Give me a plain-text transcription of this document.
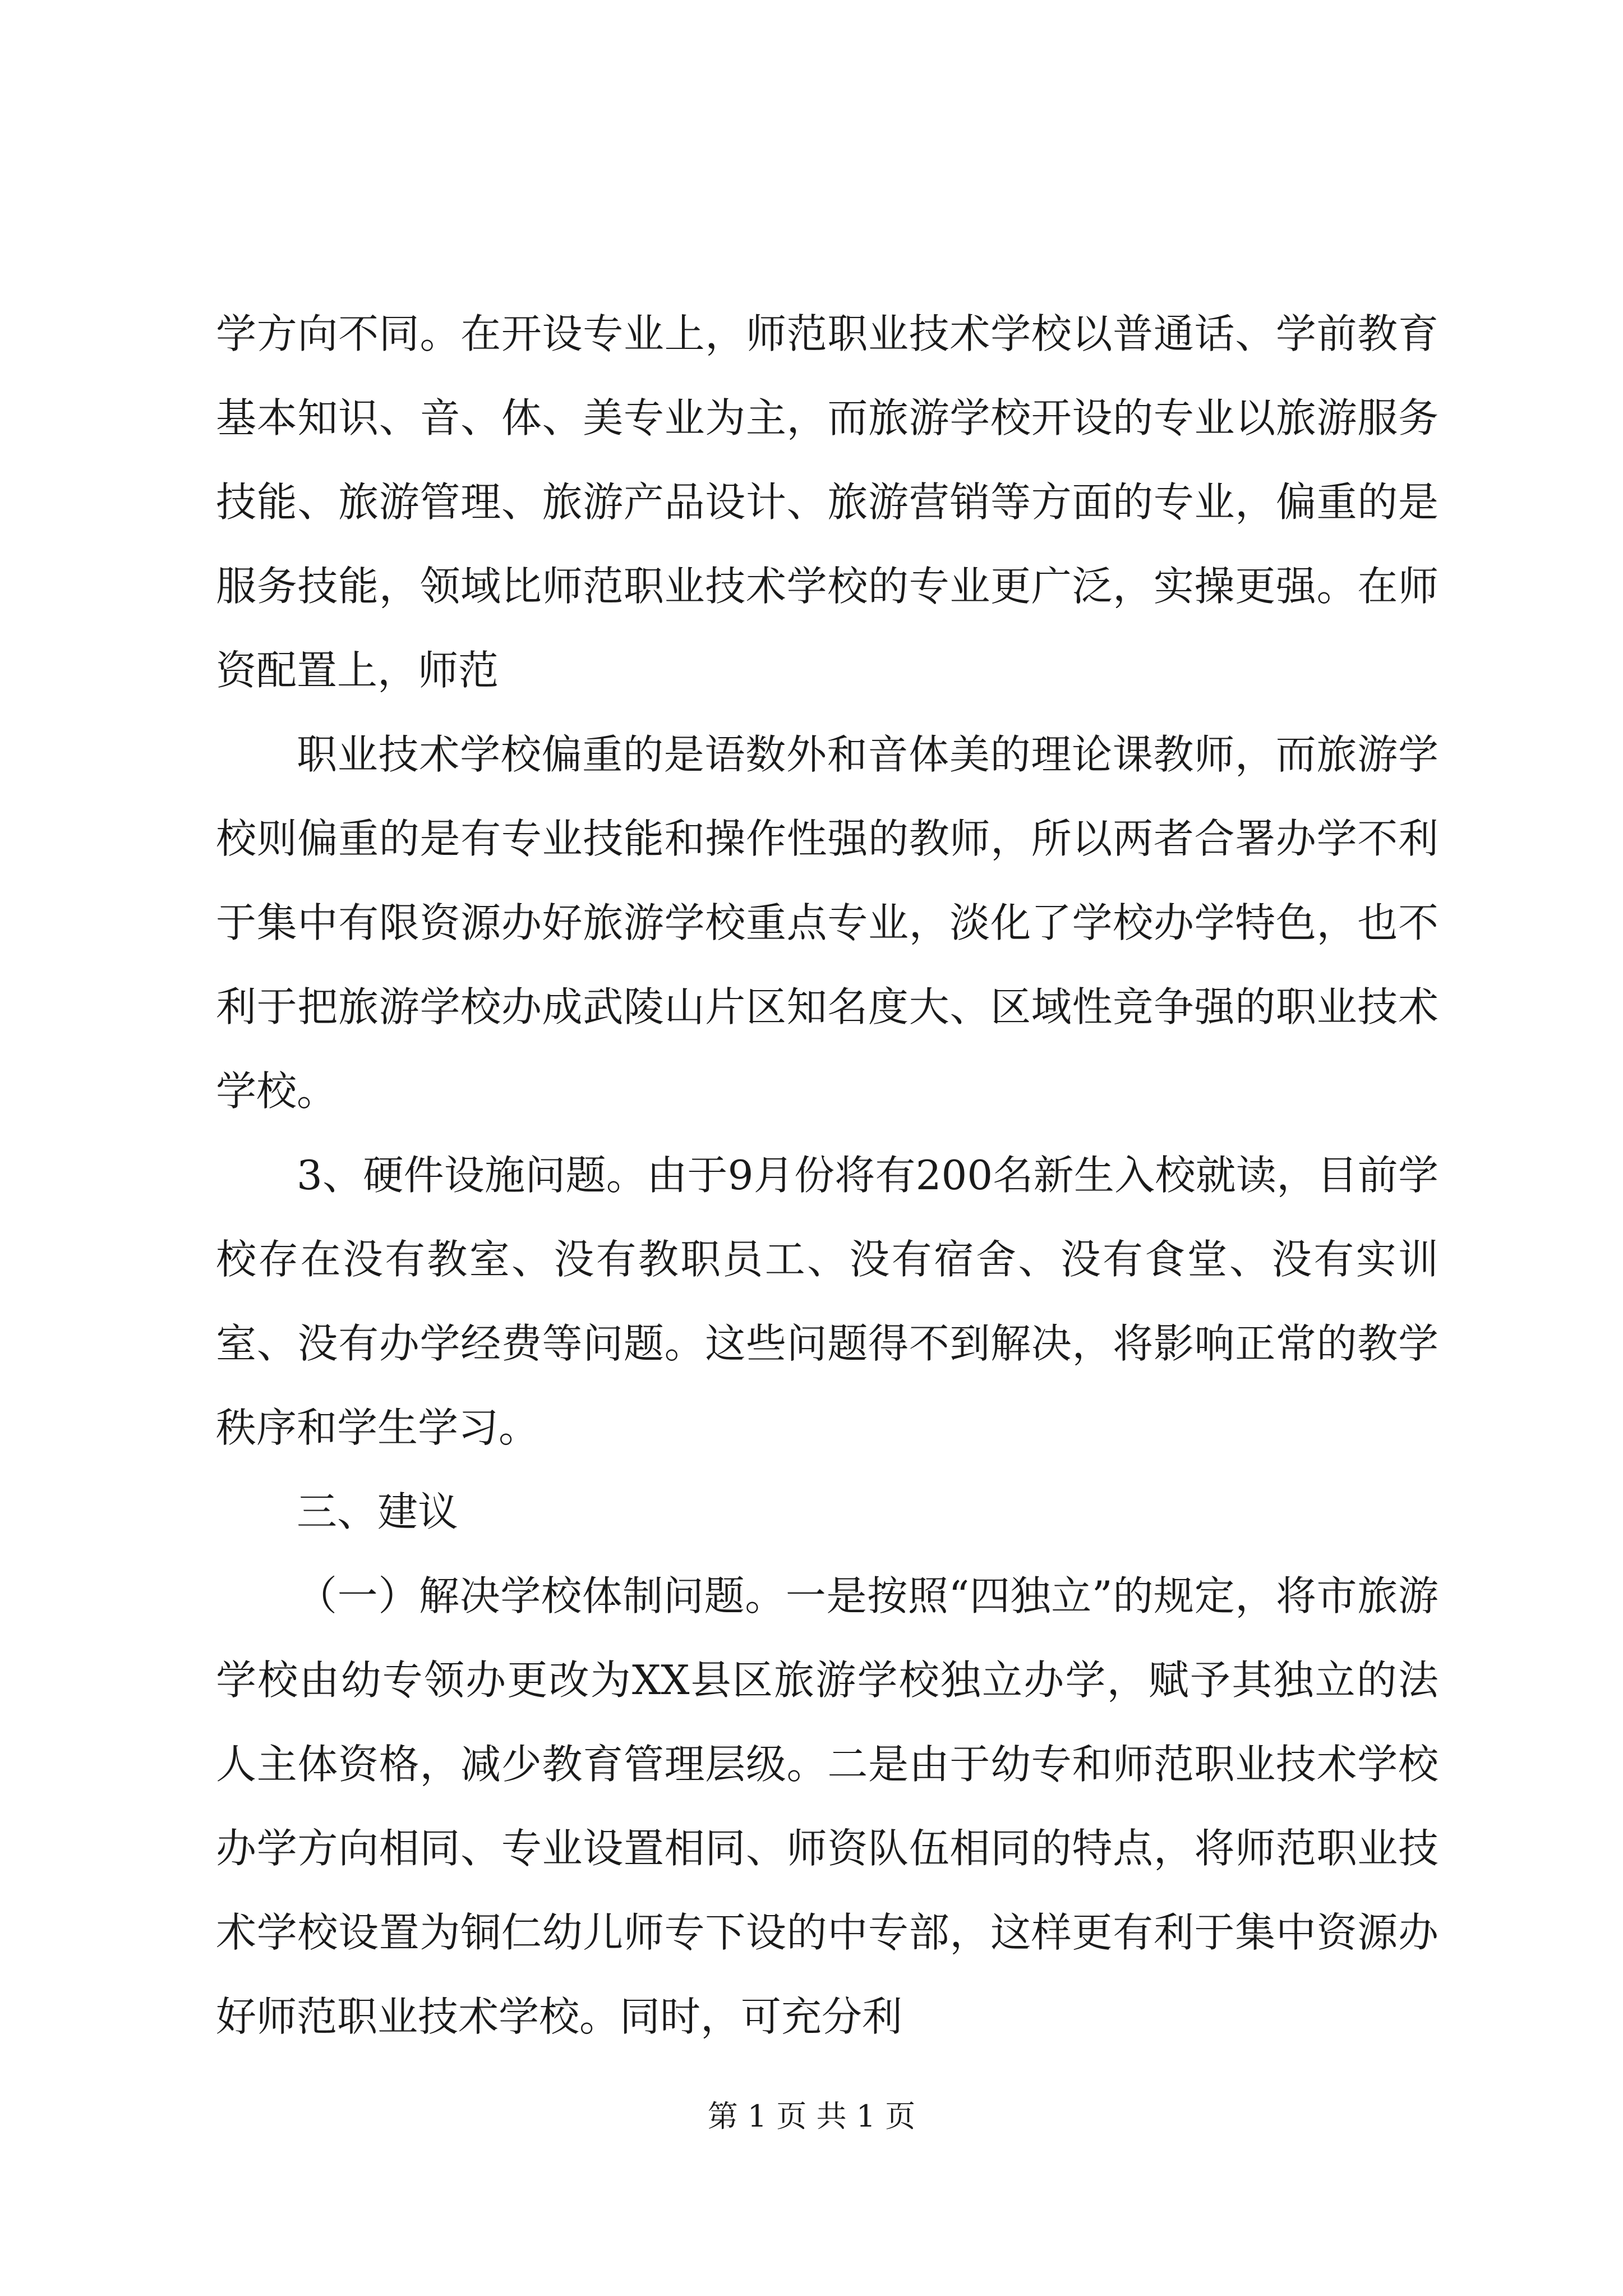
学方向不同。在开设专业上，师范职业技术学校以普通话、学前教育基本知识、音、体、美专业为主，而旅游学校开设的专业以旅游服务技能、旅游管理、旅游产品设计、旅游营销等方面的专业，偏重的是服务技能，领域比师范职业技术学校的专业更广泛，实操更强。在师资配置上，师范

职业技术学校偏重的是语数外和音体美的理论课教师，而旅游学校则偏重的是有专业技能和操作性强的教师，所以两者合署办学不利于集中有限资源办好旅游学校重点专业，淡化了学校办学特色，也不利于把旅游学校办成武陵山片区知名度大、区域性竞争强的职业技术学校。

3、硬件设施问题。由于9月份将有200名新生入校就读，目前学校存在没有教室、没有教职员工、没有宿舍、没有食堂、没有实训室、没有办学经费等问题。这些问题得不到解决，将影响正常的教学秩序和学生学习。

三、建议

（一）解决学校体制问题。一是按照“四独立”的规定，将市旅游学校由幼专领办更改为XX县区旅游学校独立办学，赋予其独立的法人主体资格，减少教育管理层级。二是由于幼专和师范职业技术学校办学方向相同、专业设置相同、师资队伍相同的特点，将师范职业技术学校设置为铜仁幼儿师专下设的中专部，这样更有利于集中资源办好师范职业技术学校。同时，可充分利

第 1 页 共 1 页
